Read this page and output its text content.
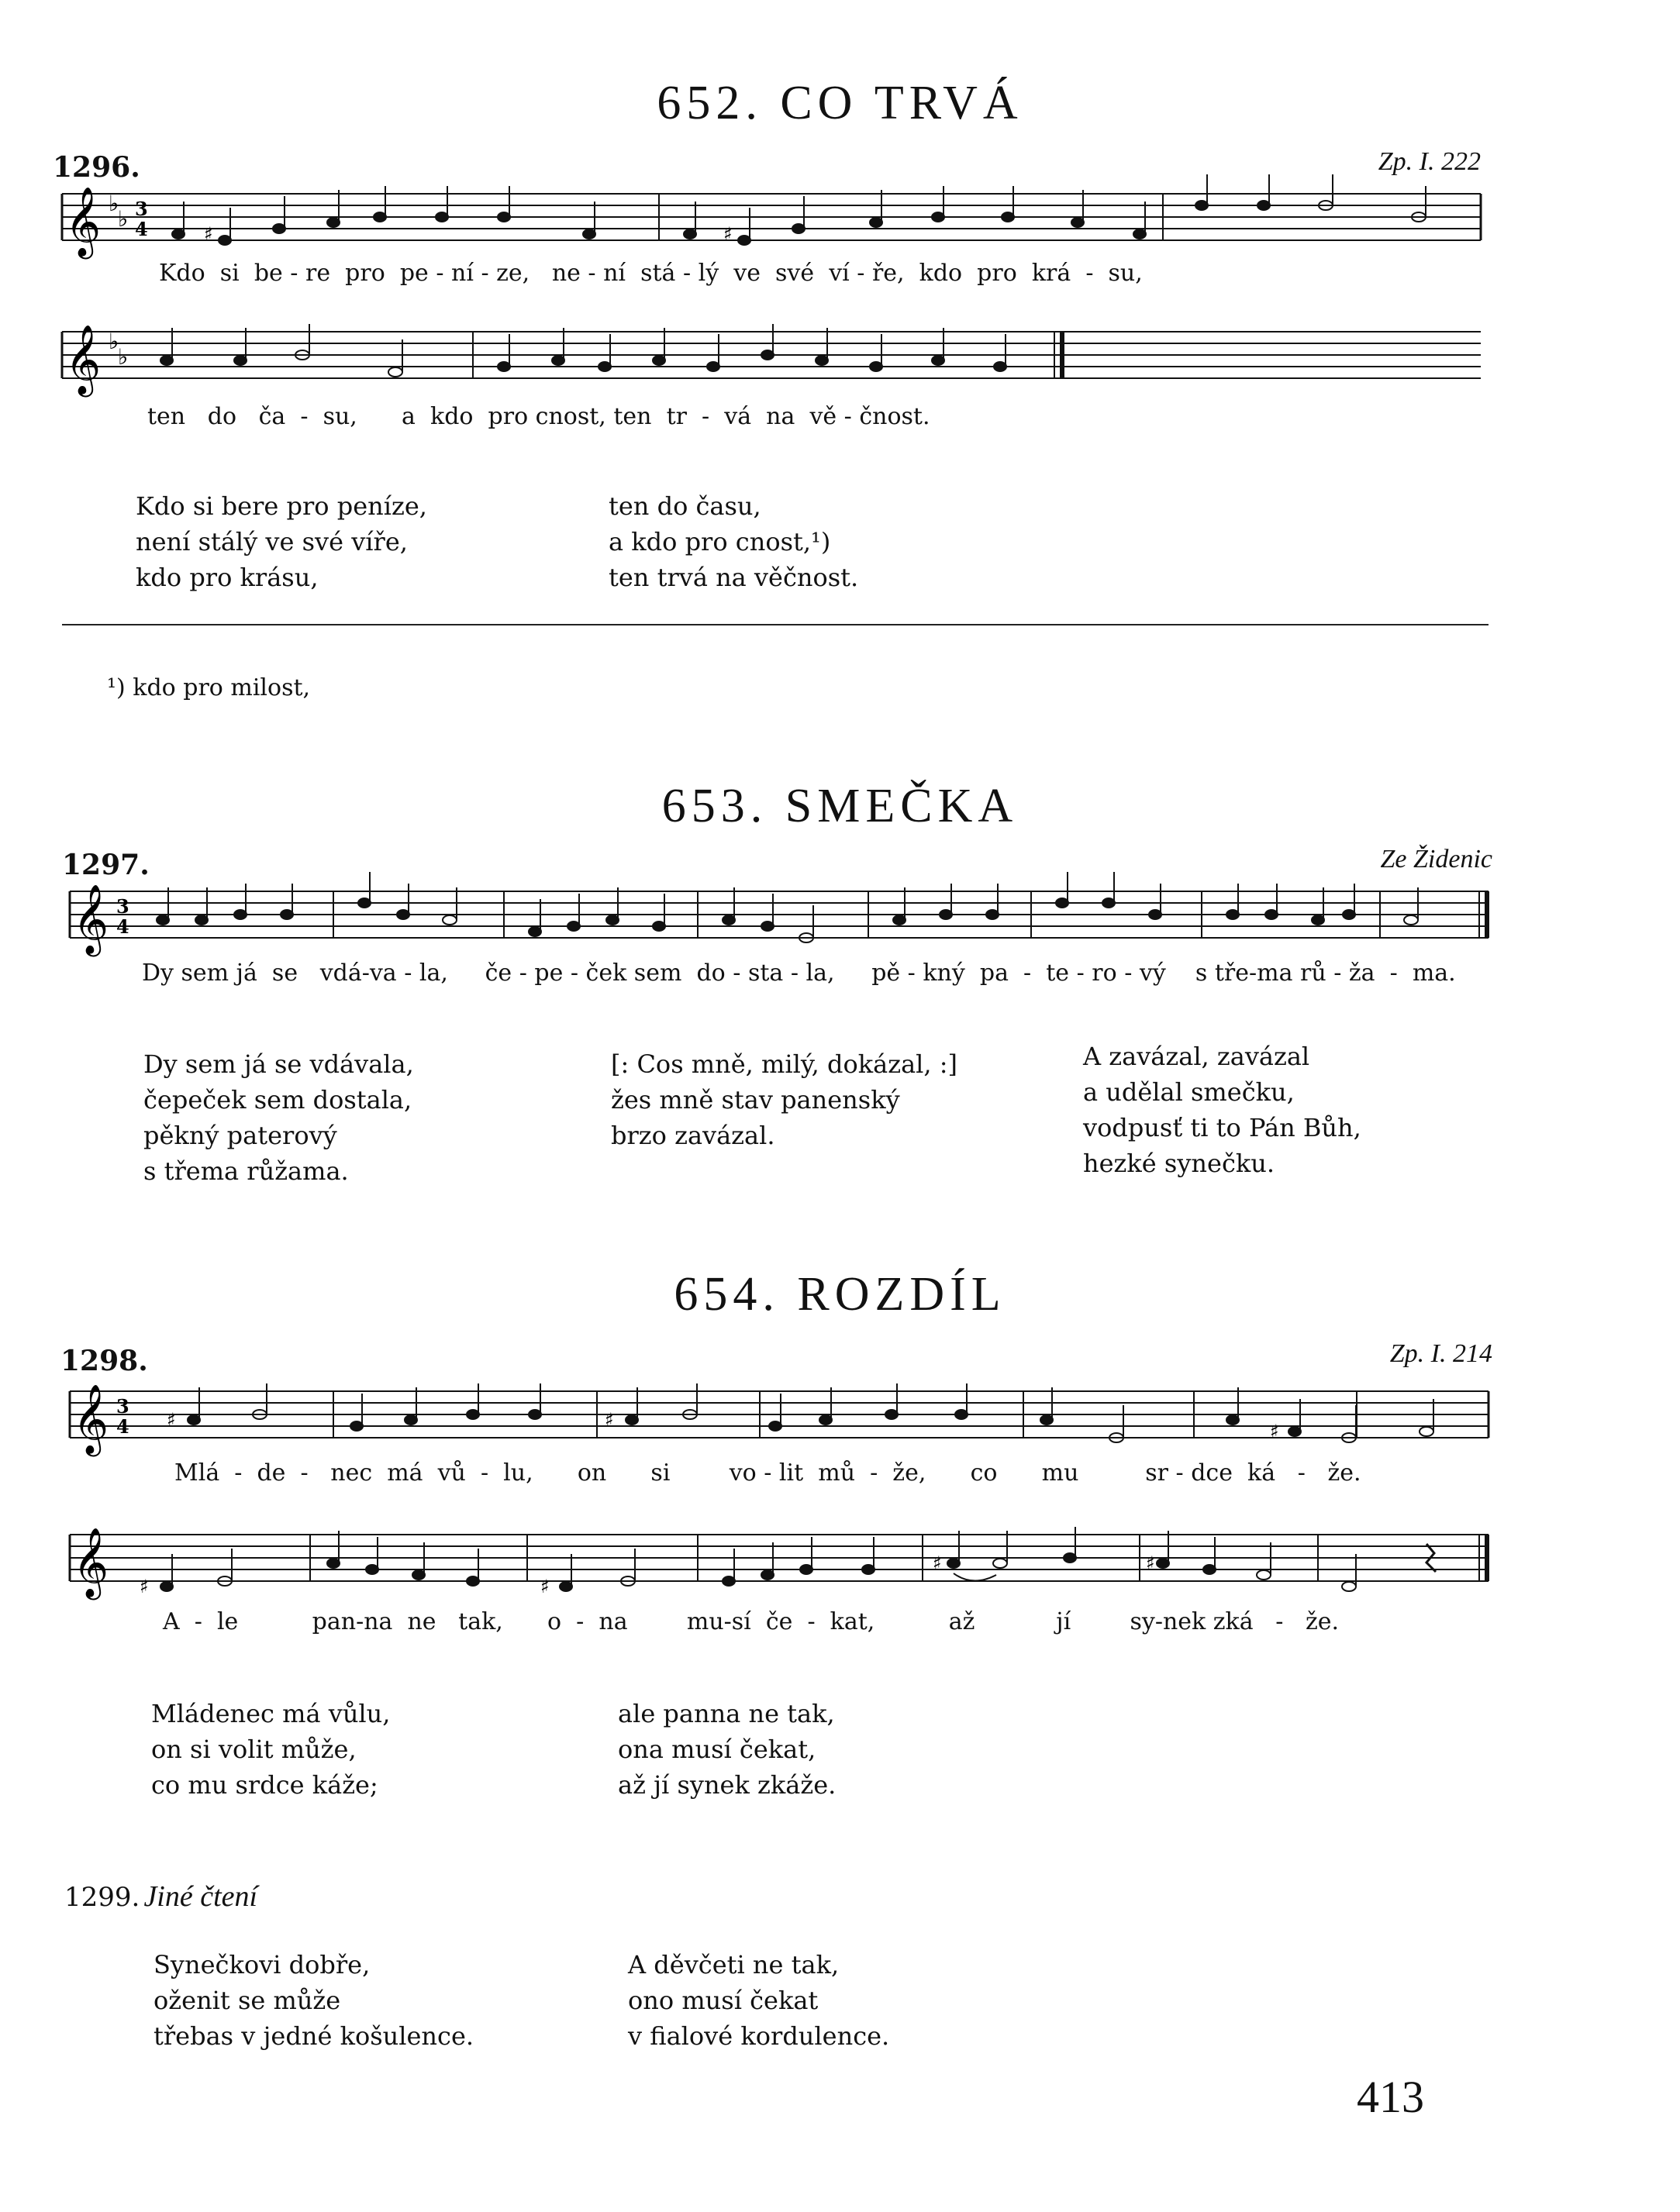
652. CO TRVÁ
1296.	Zp. I. 222
𝄞 ♭
♭ 3
4	♯	♯
Kdo  si  be - re  pro  pe - ní - ze,   ne - ní  stá - lý  ve  své  ví - ře,  kdo  pro  krá  -  su,
𝄞 ♭
♭
ten   do   ča  -  su,      a  kdo  pro cnost, ten  tr  -  vá  na  vě - čnost.
Kdo si bere pro peníze,
není stálý ve své víře,
kdo pro krásu,
ten do času,
a kdo pro cnost,¹)
ten trvá na věčnost.
¹) kdo pro milost,
653. SMEČKA
1297.	Ze Židenic
𝄞 3
4
Dy sem já  se   vdá-va - la,     če - pe - ček sem  do - sta - la,     pě - kný  pa  -  te - ro - vý    s tře-ma rů - ža  -  ma.
Dy sem já se vdávala,
čepeček sem dostala,
pěkný paterový
s třema růžama.
[: Cos mně, milý, dokázal, :]
žes mně stav panenský
brzo zavázal.
A zavázal, zavázal
a udělal smečku,
vodpusť ti to Pán Bůh,
hezké synečku.
654. ROZDÍL
1298.	Zp. I. 214
𝄞 3
4 ♯	♯
♯
Mlá  -  de  -   nec  má  vů  -  lu,      on      si        vo - lit  mů  -  že,      co      mu         sr - dce  ká   -   že.
𝄞 ♯	♯
♯	♯
A  -  le          pan-na  ne   tak,      o  -  na        mu-sí  če  -  kat,          až           jí        sy-nek zká   -   že.
Mládenec má vůlu,
on si volit může,
co mu srdce káže;
ale panna ne tak,
ona musí čekat,
až jí synek zkáže.
1299. Jiné čtení
Synečkovi dobře,
oženit se může
třebas v jedné košulence.
A děvčeti ne tak,
ono musí čekat
v fialové kordulence.
413
